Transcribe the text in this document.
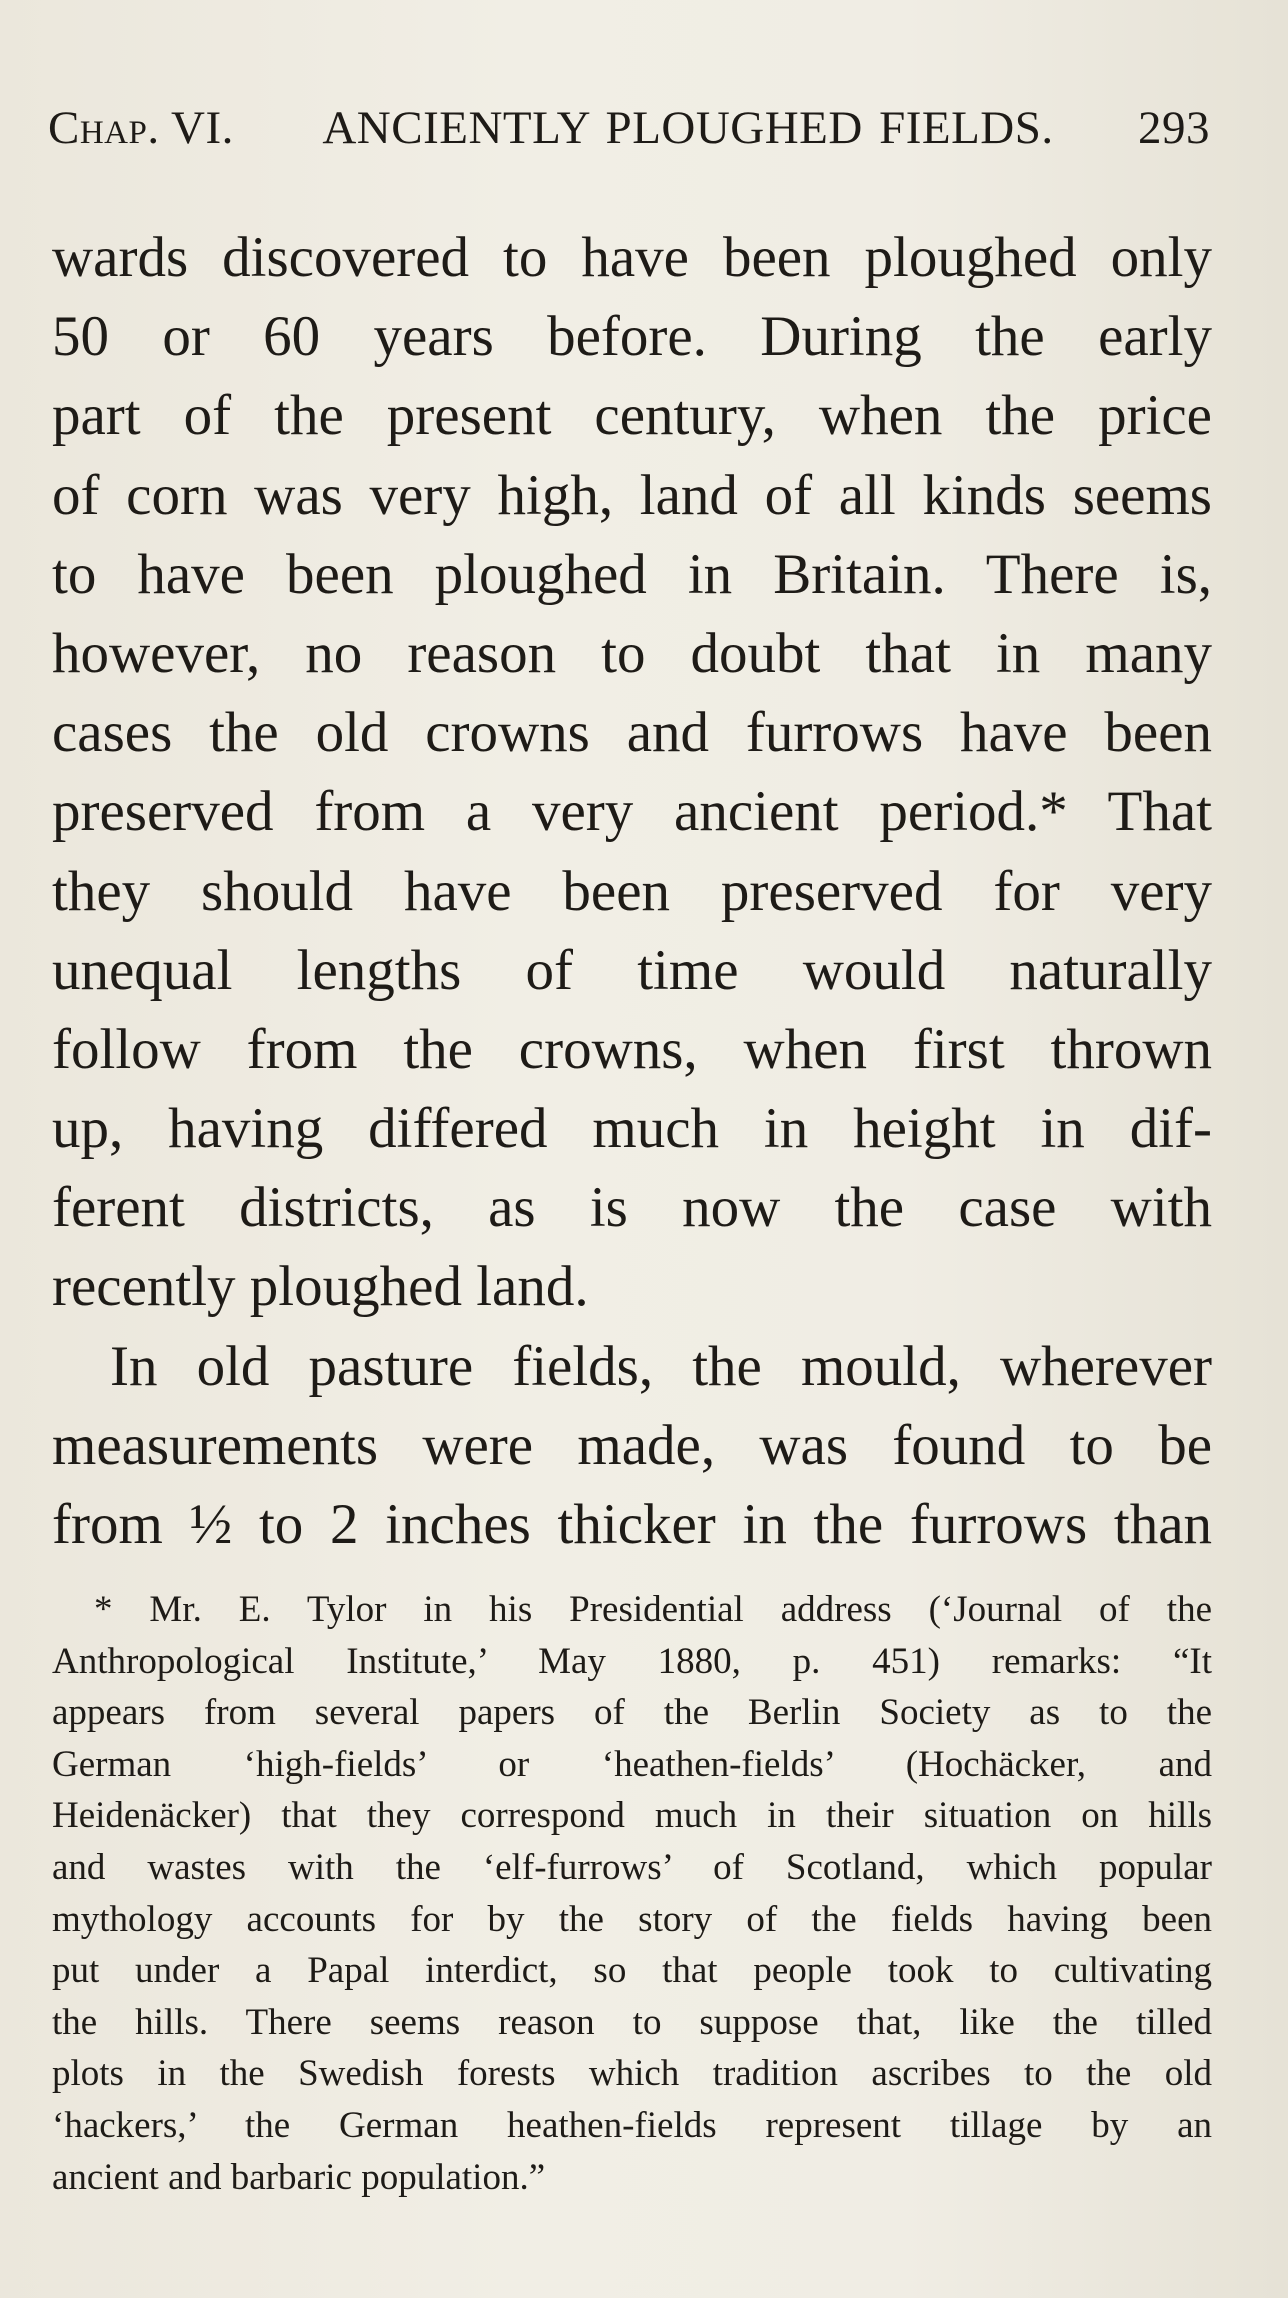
Chap. VI.	ANCIENTLY PLOUGHED FIELDS.	293
wards discovered to have been ploughed only
50 or 60 years before. During the early
part of the present century, when the price
of corn was very high, land of all kinds seems
to have been ploughed in Britain. There is,
however, no reason to doubt that in many
cases the old crowns and furrows have been
preserved from a very ancient period.* That
they should have been preserved for very
unequal lengths of time would naturally
follow from the crowns, when first thrown
up, having differed much in height in dif-
ferent districts, as is now the case with
recently ploughed land.
In old pasture fields, the mould, wherever
measurements were made, was found to be
from ½ to 2 inches thicker in the furrows than
* Mr. E. Tylor in his Presidential address (‘Journal of the
Anthropological Institute,’ May 1880, p. 451) remarks: “It
appears from several papers of the Berlin Society as to the
German ‘high-fields’ or ‘heathen-fields’ (Hochäcker, and
Heidenäcker) that they correspond much in their situation on hills
and wastes with the ‘elf-furrows’ of Scotland, which popular
mythology accounts for by the story of the fields having been
put under a Papal interdict, so that people took to cultivating
the hills. There seems reason to suppose that, like the tilled
plots in the Swedish forests which tradition ascribes to the old
‘hackers,’ the German heathen-fields represent tillage by an
ancient and barbaric population.”
